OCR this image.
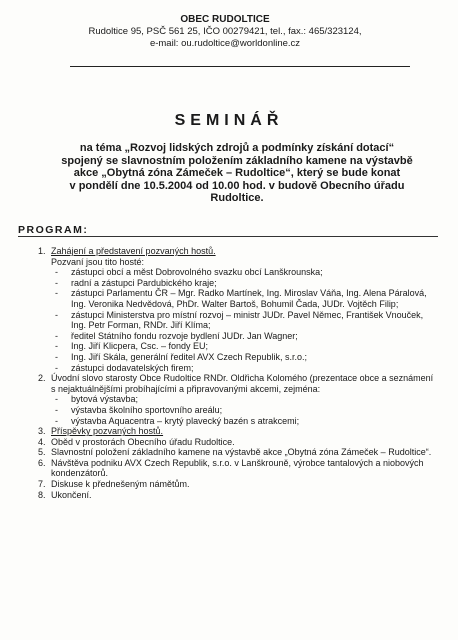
OBEC RUDOLTICE
Rudoltice 95, PSČ 561 25, IČO 00279421, tel., fax.: 465/323124,
e-mail: ou.rudoltice@worldonline.cz
SEMINÁŘ
na téma „Rozvoj lidských zdrojů a podmínky získání dotací“
spojený se slavnostním položením základního kamene na výstavbě
akce „Obytná zóna Zámeček – Rudoltice“, který se bude konat
v pondělí dne 10.5.2004 od 10.00 hod. v budově Obecního úřadu
Rudoltice.
PROGRAM:
1. Zahájení a představení pozvaných hostů.
Pozvaní jsou tito hosté:
-	zástupci obcí a měst Dobrovolného svazku obcí Lanškrounska;
-	radní a zástupci Pardubického kraje;
-	zástupci Parlamentu ČR – Mgr. Radko Martínek, Ing. Miroslav Váňa, Ing. Alena Páralová, Ing. Veronika Nedvědová, PhDr. Walter Bartoš, Bohumil Čada, JUDr. Vojtěch Filip;
-	zástupci Ministerstva pro místní rozvoj – ministr JUDr. Pavel Němec, František Vnouček, Ing. Petr Forman, RNDr. Jiří Klíma;
-	ředitel Státního fondu rozvoje bydlení JUDr. Jan Wagner;
-	Ing. Jiří Klicpera, Csc. – fondy EU;
-	Ing. Jiří Skála, generální ředitel AVX Czech Republik, s.r.o.;
-	zástupci dodavatelských firem;
2. Úvodní slovo starosty Obce Rudoltice RNDr. Oldřicha Kolomého (prezentace obce a seznámení s nejaktuálnějšími probíhajícími a připravovanými akcemi, zejména:
-	bytová výstavba;
-	výstavba školního sportovního areálu;
-	výstavba Aquacentra – krytý plavecký bazén s atrakcemi;
3. Příspěvky pozvaných hostů.
4. Oběd v prostorách Obecního úřadu Rudoltice.
5. Slavnostní položení základního kamene na výstavbě akce „Obytná zóna Zámeček – Rudoltice“.
6. Návštěva podniku AVX Czech Republik, s.r.o. v Lanškrouně, výrobce tantalových a niobových kondenzátorů.
7. Diskuse k přednešeným námětům.
8. Ukončení.
